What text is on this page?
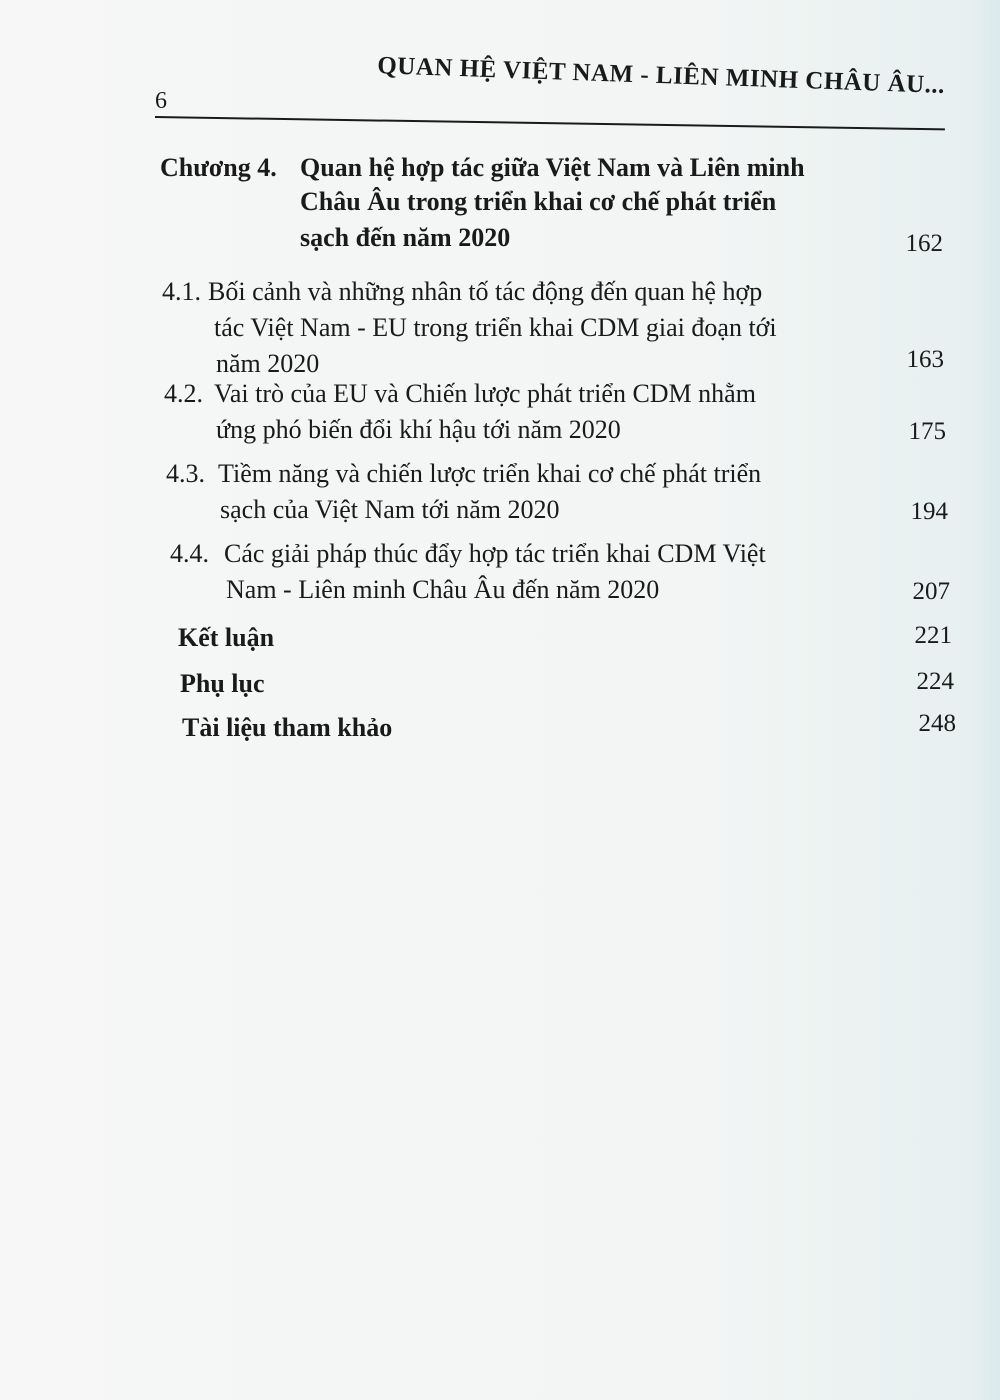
6
QUAN HỆ VIỆT NAM - LIÊN MINH CHÂU ÂU...
Chương 4. Quan hệ hợp tác giữa Việt Nam và Liên minh
Châu Âu trong triển khai cơ chế phát triển
sạch đến năm 2020	162
4.1. Bối cảnh và những nhân tố tác động đến quan hệ hợp
tác Việt Nam - EU trong triển khai CDM giai đoạn tới
năm 2020	163
4.2. Vai trò của EU và Chiến lược phát triển CDM nhằm
ứng phó biến đổi khí hậu tới năm 2020	175
4.3. Tiềm năng và chiến lược triển khai cơ chế phát triển
sạch của Việt Nam tới năm 2020	194
4.4. Các giải pháp thúc đẩy hợp tác triển khai CDM Việt
Nam - Liên minh Châu Âu đến năm 2020	207
Kết luận	221
Phụ lục	224
Tài liệu tham khảo	248
